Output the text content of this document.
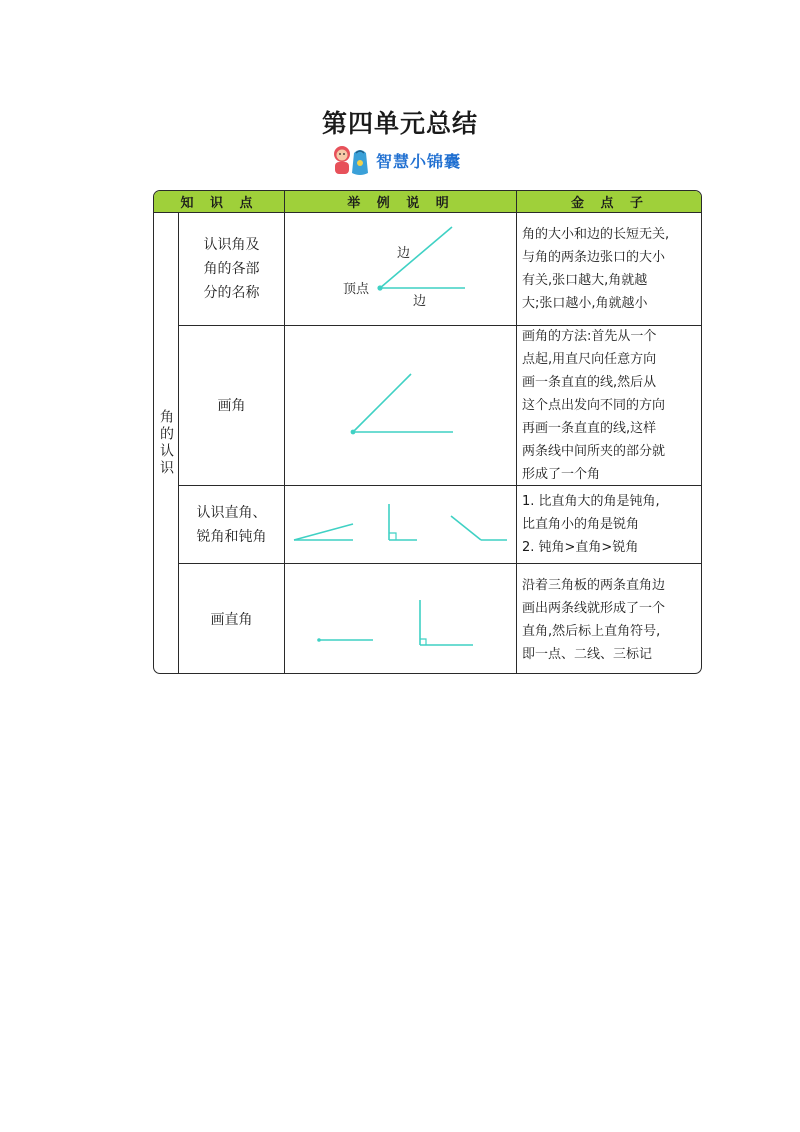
第四单元总结
智慧小锦囊
知 识 点	举 例 说 明	金 点 子
角的认识
认识角及
角的各部
分的名称
边
顶点
边
角的大小和边的长短无关,
与角的两条边张口的大小
有关,张口越大,角就越
大;张口越小,角就越小
画角
画角的方法:首先从一个
点起,用直尺向任意方向
画一条直直的线,然后从
这个点出发向不同的方向
再画一条直直的线,这样
两条线中间所夹的部分就
形成了一个角
认识直角、
锐角和钝角
1. 比直角大的角是钝角,
比直角小的角是锐角
2. 钝角>直角>锐角
画直角
沿着三角板的两条直角边
画出两条线就形成了一个
直角,然后标上直角符号,
即一点、二线、三标记
